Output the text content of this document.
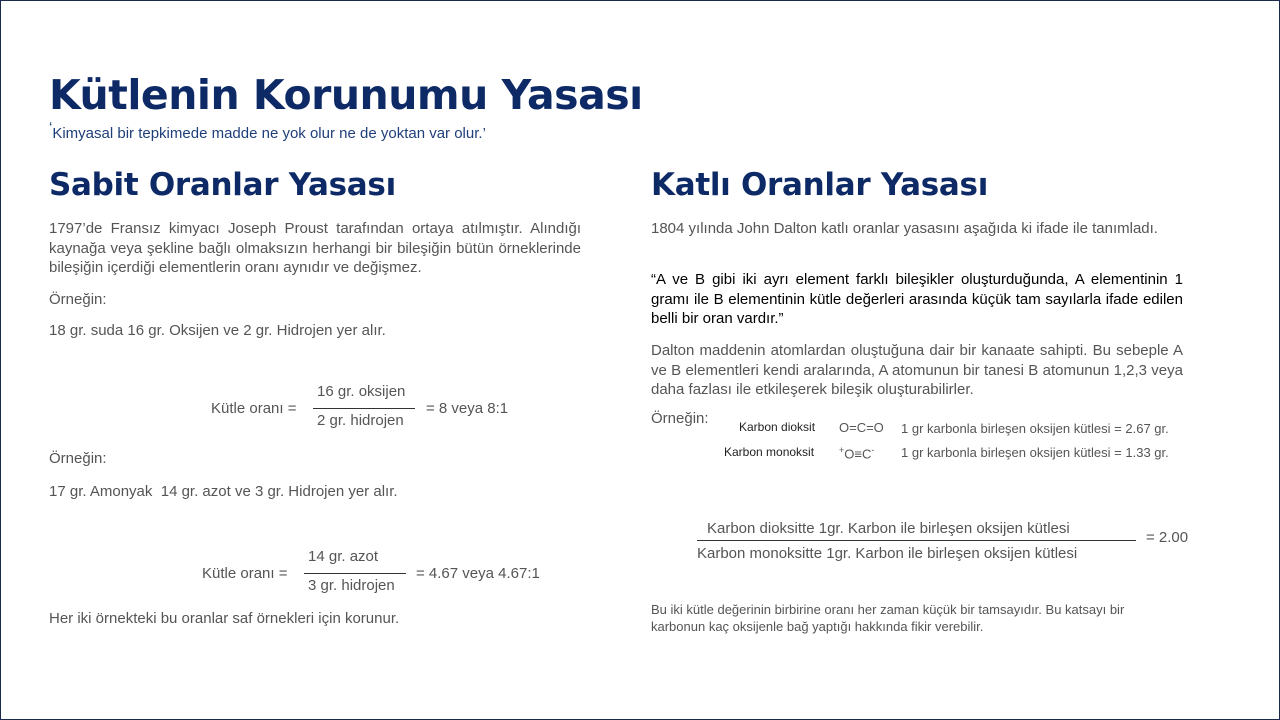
Kütlenin Korunumu Yasası
‘Kimyasal bir tepkimede madde ne yok olur ne de yoktan var olur.’
Sabit Oranlar Yasası
1797’de Fransız kimyacı Joseph Proust tarafından ortaya atılmıştır. Alındığı kaynağa veya şekline bağlı olmaksızın herhangi bir bileşiğin bütün örneklerinde bileşiğin içerdiği elementlerin oranı aynıdır ve değişmez.
Örneğin:
18 gr. suda 16 gr. Oksijen ve 2 gr. Hidrojen yer alır.
Kütle oranı =
16 gr. oksijen
2 gr. hidrojen
= 8 veya 8:1
Örneğin:
17 gr. Amonyak  14 gr. azot ve 3 gr. Hidrojen yer alır.
Kütle oranı =
14 gr. azot
3 gr. hidrojen
= 4.67 veya 4.67:1
Her iki örnekteki bu oranlar saf örnekleri için korunur.
Katlı Oranlar Yasası
1804 yılında John Dalton katlı oranlar yasasını aşağıda ki ifade ile tanımladı.
“A ve B gibi iki ayrı element farklı bileşikler oluşturduğunda, A elementinin 1 gramı ile B elementinin kütle değerleri arasında küçük tam sayılarla ifade edilen belli bir oran vardır.”
Dalton maddenin atomlardan oluştuğuna dair bir kanaate sahipti. Bu sebeple A ve B elementleri kendi aralarında, A atomunun bir tanesi B atomunun 1,2,3 veya daha fazlası ile etkileşerek bileşik oluşturabilirler.
Örneğin:	Karbon dioksit O=C=O 1 gr karbonla birleşen oksijen kütlesi = 2.67 gr.
Karbon monoksit	+O≡C- 1 gr karbonla birleşen oksijen kütlesi = 1.33 gr.
Karbon dioksitte 1gr. Karbon ile birleşen oksijen kütlesi
Karbon monoksitte 1gr. Karbon ile birleşen oksijen kütlesi
= 2.00
Bu iki kütle değerinin birbirine oranı her zaman küçük bir tamsayıdır. Bu katsayı bir karbonun kaç oksijenle bağ yaptığı hakkında fikir verebilir.
